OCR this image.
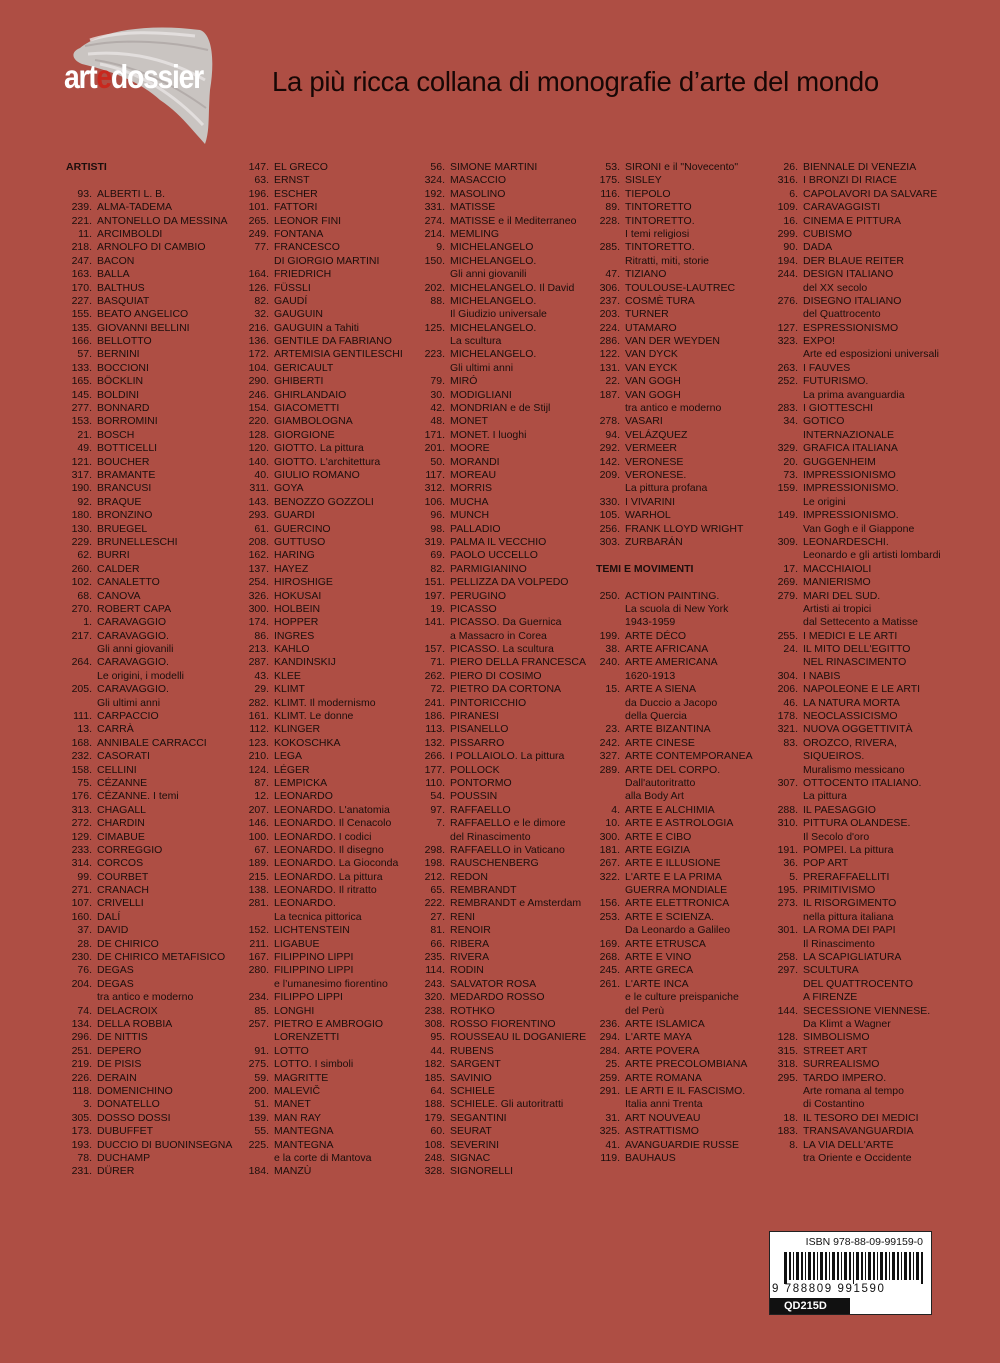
artedossier	La più ricca collana di monografie d’arte del mondo
ARTISTI
93. ALBERTI L. B.
239. ALMA-TADEMA
221. ANTONELLO DA MESSINA
11. ARCIMBOLDI
218. ARNOLFO DI CAMBIO
247. BACON
163. BALLA
170. BALTHUS
227. BASQUIAT
155. BEATO ANGELICO
135. GIOVANNI BELLINI
166. BELLOTTO
57. BERNINI
133. BOCCIONI
165. BÖCKLIN
145. BOLDINI
277. BONNARD
153. BORROMINI
21. BOSCH
49. BOTTICELLI
121. BOUCHER
317. BRAMANTE
190. BRANCUSI
92. BRAQUE
180. BRONZINO
130. BRUEGEL
229. BRUNELLESCHI
62. BURRI
260. CALDER
102. CANALETTO
68. CANOVA
270. ROBERT CAPA
1. CARAVAGGIO
217. CARAVAGGIO.
Gli anni giovanili
264. CARAVAGGIO.
Le origini, i modelli
205. CARAVAGGIO.
Gli ultimi anni
111. CARPACCIO
13. CARRÀ
168. ANNIBALE CARRACCI
232. CASORATI
158. CELLINI
75. CÉZANNE
176. CÉZANNE. I temi
313. CHAGALL
272. CHARDIN
129. CIMABUE
233. CORREGGIO
314. CORCOS
99. COURBET
271. CRANACH
107. CRIVELLI
160. DALÍ
37. DAVID
28. DE CHIRICO
230. DE CHIRICO METAFISICO
76. DEGAS
204. DEGAS
tra antico e moderno
74. DELACROIX
134. DELLA ROBBIA
296. DE NITTIS
251. DEPERO
219. DE PISIS
226. DERAIN
118. DOMENICHINO
3. DONATELLO
305. DOSSO DOSSI
173. DUBUFFET
193. DUCCIO DI BUONINSEGNA
78. DUCHAMP
231. DÜRER
147. EL GRECO
63. ERNST
196. ESCHER
101. FATTORI
265. LEONOR FINI
249. FONTANA
77. FRANCESCO
DI GIORGIO MARTINI
164. FRIEDRICH
126. FÜSSLI
82. GAUDÍ
32. GAUGUIN
216. GAUGUIN a Tahiti
136. GENTILE DA FABRIANO
172. ARTEMISIA GENTILESCHI
104. GERICAULT
290. GHIBERTI
246. GHIRLANDAIO
154. GIACOMETTI
220. GIAMBOLOGNA
128. GIORGIONE
120. GIOTTO. La pittura
140. GIOTTO. L'architettura
40. GIULIO ROMANO
311. GOYA
143. BENOZZO GOZZOLI
293. GUARDI
61. GUERCINO
208. GUTTUSO
162. HARING
137. HAYEZ
254. HIROSHIGE
326. HOKUSAI
300. HOLBEIN
174. HOPPER
86. INGRES
213. KAHLO
287. KANDINSKIJ
43. KLEE
29. KLIMT
282. KLIMT. Il modernismo
161. KLIMT. Le donne
112. KLINGER
123. KOKOSCHKA
210. LEGA
124. LÉGER
87. LEMPICKA
12. LEONARDO
207. LEONARDO. L'anatomia
146. LEONARDO. Il Cenacolo
100. LEONARDO. I codici
67. LEONARDO. Il disegno
189. LEONARDO. La Gioconda
215. LEONARDO. La pittura
138. LEONARDO. Il ritratto
281. LEONARDO.
La tecnica pittorica
152. LICHTENSTEIN
211. LIGABUE
167. FILIPPINO LIPPI
280. FILIPPINO LIPPI
e l’umanesimo fiorentino
234. FILIPPO LIPPI
85. LONGHI
257. PIETRO E AMBROGIO
LORENZETTI
91. LOTTO
275. LOTTO. I simboli
59. MAGRITTE
200. MALEVIČ
51. MANET
139. MAN RAY
55. MANTEGNA
225. MANTEGNA
e la corte di Mantova
184. MANZÙ
56. SIMONE MARTINI
324. MASACCIO
192. MASOLINO
331. MATISSE
274. MATISSE e il Mediterraneo
214. MEMLING
9. MICHELANGELO
150. MICHELANGELO.
Gli anni giovanili
202. MICHELANGELO. Il David
88. MICHELANGELO.
Il Giudizio universale
125. MICHELANGELO.
La scultura
223. MICHELANGELO.
Gli ultimi anni
79. MIRÓ
30. MODIGLIANI
42. MONDRIAN e de Stijl
48. MONET
171. MONET. I luoghi
201. MOORE
50. MORANDI
117. MOREAU
312. MORRIS
106. MUCHA
96. MUNCH
98. PALLADIO
319. PALMA IL VECCHIO
69. PAOLO UCCELLO
82. PARMIGIANINO
151. PELLIZZA DA VOLPEDO
197. PERUGINO
19. PICASSO
141. PICASSO. Da Guernica
a Massacro in Corea
157. PICASSO. La scultura
71. PIERO DELLA FRANCESCA
262. PIERO DI COSIMO
72. PIETRO DA CORTONA
241. PINTORICCHIO
186. PIRANESI
113. PISANELLO
132. PISSARRO
266. I POLLAIOLO. La pittura
177. POLLOCK
110. PONTORMO
54. POUSSIN
97. RAFFAELLO
7. RAFFAELLO e le dimore
del Rinascimento
298. RAFFAELLO in Vaticano
198. RAUSCHENBERG
212. REDON
65. REMBRANDT
222. REMBRANDT e Amsterdam
27. RENI
81. RENOIR
66. RIBERA
235. RIVERA
114. RODIN
243. SALVATOR ROSA
320. MEDARDO ROSSO
238. ROTHKO
308. ROSSO FIORENTINO
95. ROUSSEAU IL DOGANIERE
44. RUBENS
182. SARGENT
185. SAVINIO
64. SCHIELE
188. SCHIELE. Gli autoritratti
179. SEGANTINI
60. SEURAT
108. SEVERINI
248. SIGNAC
328. SIGNORELLI
53. SIRONI e il "Novecento"
175. SISLEY
116. TIEPOLO
89. TINTORETTO
228. TINTORETTO.
I temi religiosi
285. TINTORETTO.
Ritratti, miti, storie
47. TIZIANO
306. TOULOUSE-LAUTREC
237. COSMÈ TURA
203. TURNER
224. UTAMARO
286. VAN DER WEYDEN
122. VAN DYCK
131. VAN EYCK
22. VAN GOGH
187. VAN GOGH
tra antico e moderno
278. VASARI
94. VELÁZQUEZ
292. VERMEER
142. VERONESE
209. VERONESE.
La pittura profana
330. I VIVARINI
105. WARHOL
256. FRANK LLOYD WRIGHT
303. ZURBARÁN
TEMI E MOVIMENTI
250. ACTION PAINTING.
La scuola di New York
1943-1959
199. ARTE DÉCO
38. ARTE AFRICANA
240. ARTE AMERICANA
1620-1913
15. ARTE A SIENA
da Duccio a Jacopo
della Quercia
23. ARTE BIZANTINA
242. ARTE CINESE
327. ARTE CONTEMPORANEA
289. ARTE DEL CORPO.
Dall'autoritratto
alla Body Art
4. ARTE E ALCHIMIA
10. ARTE E ASTROLOGIA
300. ARTE E CIBO
181. ARTE EGIZIA
267. ARTE E ILLUSIONE
322. L'ARTE E LA PRIMA
GUERRA MONDIALE
156. ARTE ELETTRONICA
253. ARTE E SCIENZA.
Da Leonardo a Galileo
169. ARTE ETRUSCA
268. ARTE E VINO
245. ARTE GRECA
261. L'ARTE INCA
e le culture preispaniche
del Perù
236. ARTE ISLAMICA
294. L'ARTE MAYA
284. ARTE POVERA
25. ARTE PRECOLOMBIANA
259. ARTE ROMANA
291. LE ARTI E IL FASCISMO.
Italia anni Trenta
31. ART NOUVEAU
325. ASTRATTISMO
41. AVANGUARDIE RUSSE
119. BAUHAUS
26. BIENNALE DI VENEZIA
316. I BRONZI DI RIACE
6. CAPOLAVORI DA SALVARE
109. CARAVAGGISTI
16. CINEMA E PITTURA
299. CUBISMO
90. DADA
194. DER BLAUE REITER
244. DESIGN ITALIANO
del XX secolo
276. DISEGNO ITALIANO
del Quattrocento
127. ESPRESSIONISMO
323. EXPO!
Arte ed esposizioni universali
263. I FAUVES
252. FUTURISMO.
La prima avanguardia
283. I GIOTTESCHI
34. GOTICO
INTERNAZIONALE
329. GRAFICA ITALIANA
20. GUGGENHEIM
73. IMPRESSIONISMO
159. IMPRESSIONISMO.
Le origini
149. IMPRESSIONISMO.
Van Gogh e il Giappone
309. LEONARDESCHI.
Leonardo e gli artisti lombardi
17. MACCHIAIOLI
269. MANIERISMO
279. MARI DEL SUD.
Artisti ai tropici
dal Settecento a Matisse
255. I MEDICI E LE ARTI
24. IL MITO DELL'EGITTO
NEL RINASCIMENTO
304. I NABIS
206. NAPOLEONE E LE ARTI
46. LA NATURA MORTA
178. NEOCLASSICISMO
321. NUOVA OGGETTIVITÀ
83. OROZCO, RIVERA,
SIQUEIROS.
Muralismo messicano
307. OTTOCENTO ITALIANO.
La pittura
288. IL PAESAGGIO
310. PITTURA OLANDESE.
Il Secolo d'oro
191. POMPEI. La pittura
36. POP ART
5. PRERAFFAELLITI
195. PRIMITIVISMO
273. IL RISORGIMENTO
nella pittura italiana
301. LA ROMA DEI PAPI
Il Rinascimento
258. LA SCAPIGLIATURA
297. SCULTURA
DEL QUATTROCENTO
A FIRENZE
144. SECESSIONE VIENNESE.
Da Klimt a Wagner
128. SIMBOLISMO
315. STREET ART
318. SURREALISMO
295. TARDO IMPERO.
Arte romana al tempo
di Costantino
18. IL TESORO DEI MEDICI
183. TRANSAVANGUARDIA
8. LA VIA DELL'ARTE
tra Oriente e Occidente
ISBN 978-88-09-99159-0
9 788809 991590
QD215D
